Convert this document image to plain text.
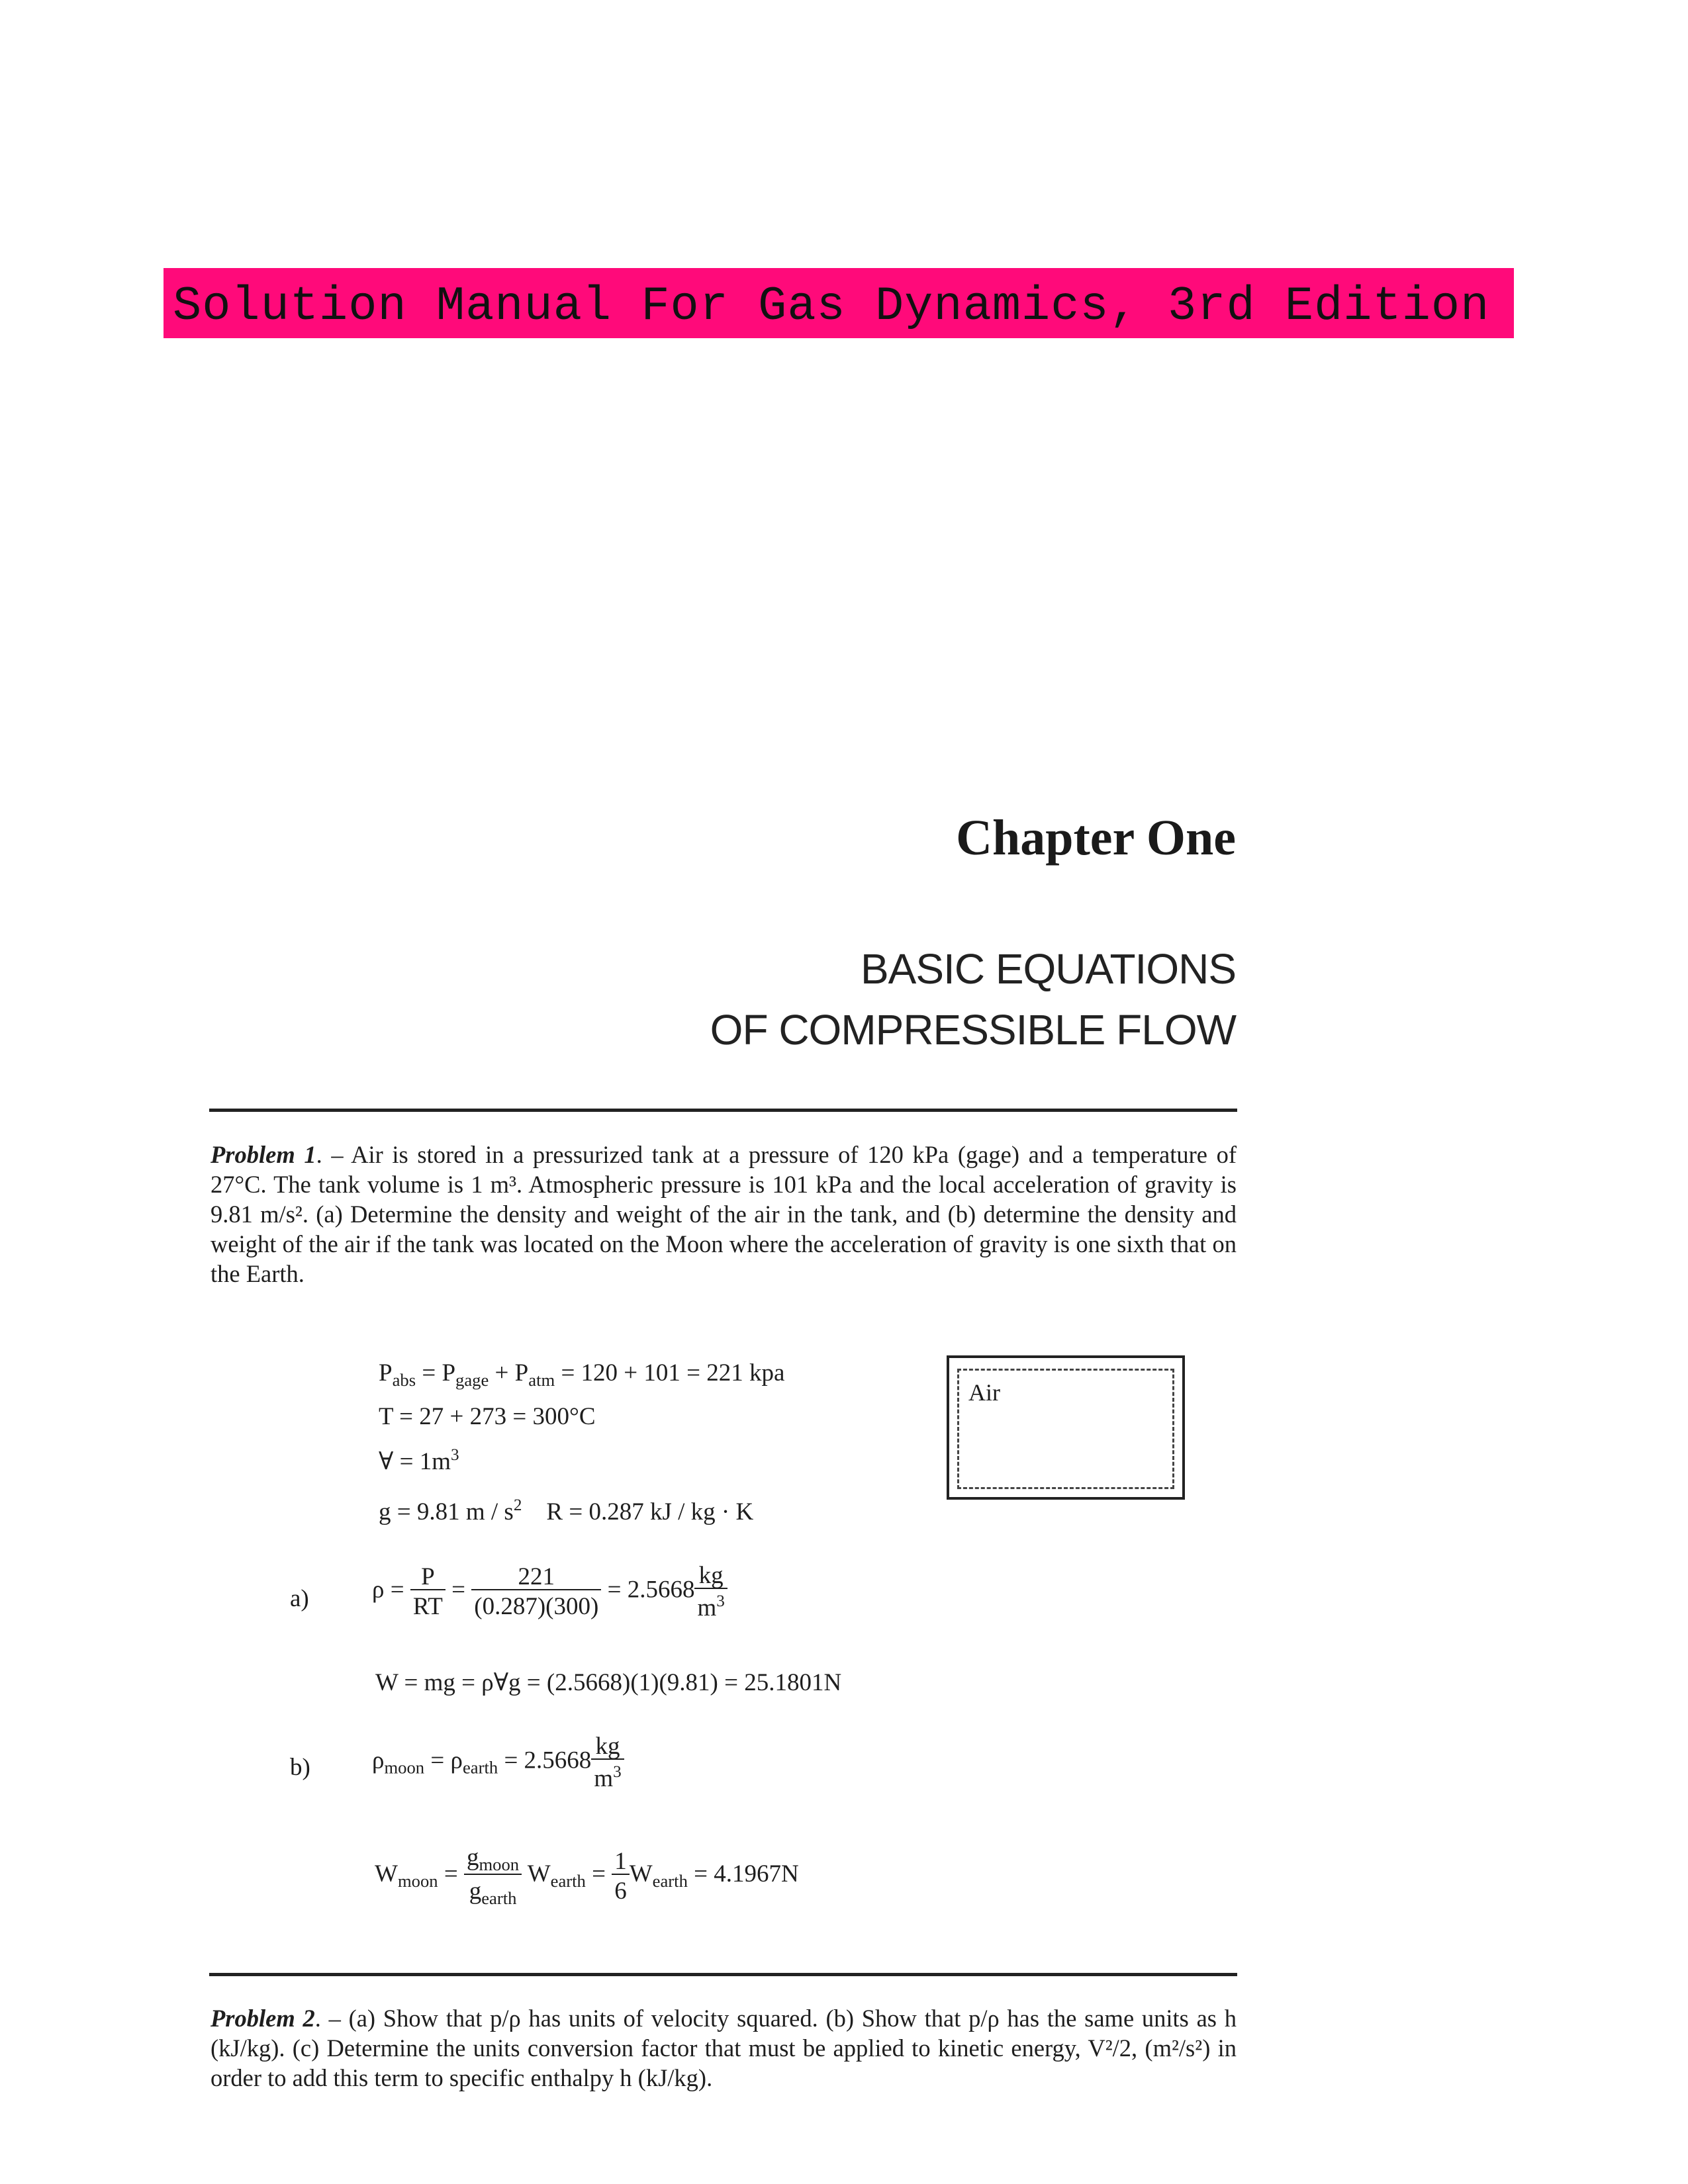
Solution Manual For Gas Dynamics, 3rd Edition
Chapter One
BASIC EQUATIONS
OF COMPRESSIBLE FLOW
Problem 1. – Air is stored in a pressurized tank at a pressure of 120 kPa (gage) and a temperature of 27°C. The tank volume is 1 m³. Atmospheric pressure is 101 kPa and the local acceleration of gravity is 9.81 m/s². (a) Determine the density and weight of the air in the tank, and (b) determine the density and weight of the air if the tank was located on the Moon where the acceleration of gravity is one sixth that on the Earth.
$P_{abs} = P_{gage} + P_{atm} = 120 + 101 = 221$ kpa
T = 27 + 273 = 300°C
∀ = $1m^3$
g = 9.81 m / $s^2$ R = 0.287 kJ / kg · K
a)	$\rho = \frac{P}{RT} = \frac{221}{(0.287)(300)} = 2.5668 \frac{kg}{m^3}$
W = mg = ρ∀g = (2.5668)(1)(9.81) = 25.1801N
b)	$\rho_{moon} = \rho_{earth} = 2.5668 \frac{kg}{m^3}$
$W_{moon} = \frac{g_{moon}}{g_{earth}} W_{earth} = \frac{1}{6} W_{earth} = 4.1967N$
Air
Problem 2. – (a) Show that p/ρ has units of velocity squared. (b) Show that p/ρ has the same units as h (kJ/kg). (c) Determine the units conversion factor that must be applied to kinetic energy, V²/2, (m²/s²) in order to add this term to specific enthalpy h (kJ/kg).
